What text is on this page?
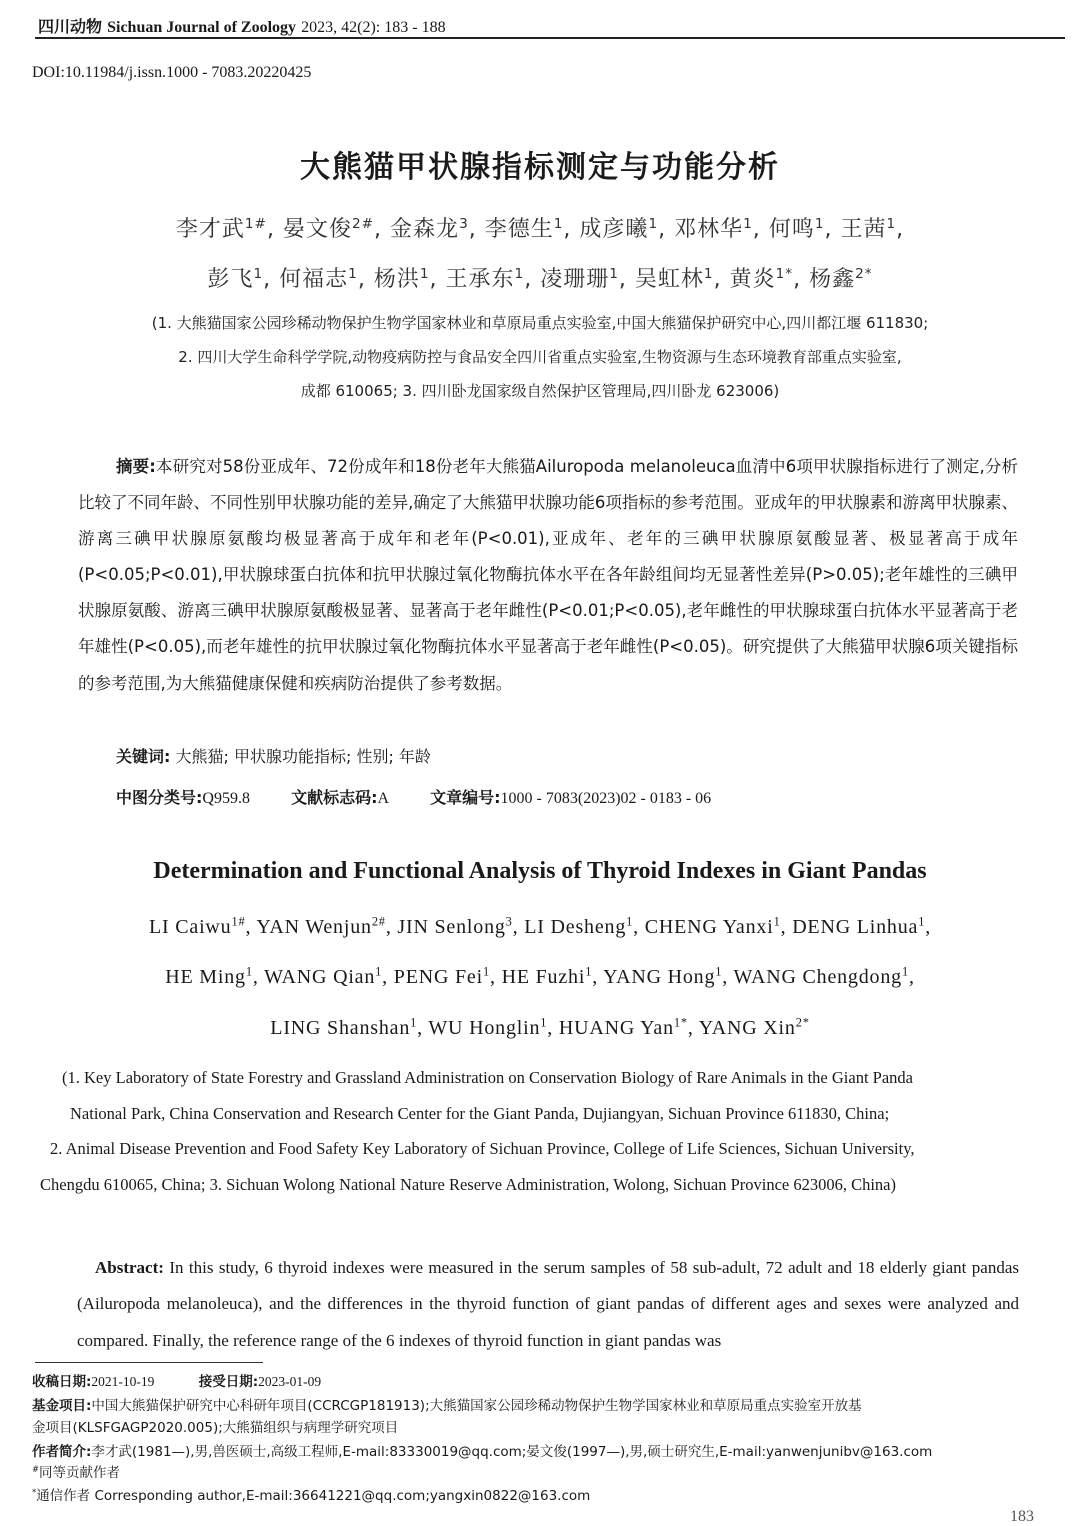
四川动物 Sichuan Journal of Zoology 2023, 42(2): 183 - 188
DOI:10.11984/j.issn.1000 - 7083.20220425
大熊猫甲状腺指标测定与功能分析
李才武$^{1\#}$, 晏文俊$^{2\#}$, 金森龙$^3$, 李德生$^1$, 成彦曦$^1$, 邓林华$^1$, 何鸣$^1$, 王茜$^1$,
彭飞$^1$, 何福志$^1$, 杨洪$^1$, 王承东$^1$, 凌珊珊$^1$, 吴虹林$^1$, 黄炎$^{1*}$, 杨鑫$^{2*}$
(1. 大熊猫国家公园珍稀动物保护生物学国家林业和草原局重点实验室,中国大熊猫保护研究中心,四川都江堰 611830;
2. 四川大学生命科学学院,动物疫病防控与食品安全四川省重点实验室,生物资源与生态环境教育部重点实验室,
成都 610065; 3. 四川卧龙国家级自然保护区管理局,四川卧龙 623006)
摘要:本研究对58份亚成年、72份成年和18份老年大熊猫Ailuropoda melanoleuca血清中6项甲状腺指标进行了测定,分析比较了不同年龄、不同性别甲状腺功能的差异,确定了大熊猫甲状腺功能6项指标的参考范围。亚成年的甲状腺素和游离甲状腺素、游离三碘甲状腺原氨酸均极显著高于成年和老年(P<0.01),亚成年、老年的三碘甲状腺原氨酸显著、极显著高于成年(P<0.05;P<0.01),甲状腺球蛋白抗体和抗甲状腺过氧化物酶抗体水平在各年龄组间均无显著性差异(P>0.05);老年雄性的三碘甲状腺原氨酸、游离三碘甲状腺原氨酸极显著、显著高于老年雌性(P<0.01;P<0.05),老年雌性的甲状腺球蛋白抗体水平显著高于老年雄性(P<0.05),而老年雄性的抗甲状腺过氧化物酶抗体水平显著高于老年雌性(P<0.05)。研究提供了大熊猫甲状腺6项关键指标的参考范围,为大熊猫健康保健和疾病防治提供了参考数据。
关键词: 大熊猫; 甲状腺功能指标; 性别; 年龄
中图分类号:Q959.8	文献标志码:A	文章编号:1000 - 7083(2023)02 - 0183 - 06
Determination and Functional Analysis of Thyroid Indexes in Giant Pandas
LI Caiwu$^{1\#}$, YAN Wenjun$^{2\#}$, JIN Senlong$^3$, LI Desheng$^1$, CHENG Yanxi$^1$, DENG Linhua$^1$,
HE Ming$^1$, WANG Qian$^1$, PENG Fei$^1$, HE Fuzhi$^1$, YANG Hong$^1$, WANG Chengdong$^1$,
LING Shanshan$^1$, WU Honglin$^1$, HUANG Yan$^{1*}$, YANG Xin$^{2*}$
(1. Key Laboratory of State Forestry and Grassland Administration on Conservation Biology of Rare Animals in the Giant Panda
National Park, China Conservation and Research Center for the Giant Panda, Dujiangyan, Sichuan Province 611830, China;
2. Animal Disease Prevention and Food Safety Key Laboratory of Sichuan Province, College of Life Sciences, Sichuan University,
Chengdu 610065, China; 3. Sichuan Wolong National Nature Reserve Administration, Wolong, Sichuan Province 623006, China)
Abstract: In this study, 6 thyroid indexes were measured in the serum samples of 58 sub-adult, 72 adult and 18 elderly giant pandas (Ailuropoda melanoleuca), and the differences in the thyroid function of giant pandas of different ages and sexes were analyzed and compared. Finally, the reference range of the 6 indexes of thyroid function in giant pandas was
收稿日期:2021-10-19	接受日期:2023-01-09
基金项目:中国大熊猫保护研究中心科研年项目(CCRCGP181913);大熊猫国家公园珍稀动物保护生物学国家林业和草原局重点实验室开放基
金项目(KLSFGAGP2020.005);大熊猫组织与病理学研究项目
作者简介:李才武(1981—),男,兽医硕士,高级工程师,E-mail:83330019@qq.com;晏文俊(1997—),男,硕士研究生,E-mail:yanwenjunibv@163.com
#同等贡献作者
*通信作者 Corresponding author,E-mail:36641221@qq.com;yangxin0822@163.com
183
